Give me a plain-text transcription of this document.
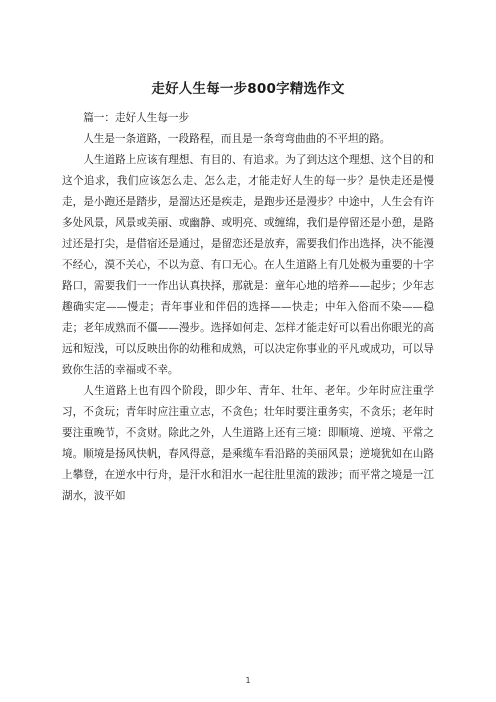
走好人生每一步800字精选作文

篇一：走好人生每一步

人生是一条道路，一段路程，而且是一条弯弯曲曲的不平坦的路。

人生道路上应该有理想、有目的、有追求。为了到达这个理想、这个目的和这个追求，我们应该怎么走、怎么走，才能走好人生的每一步？是快走还是慢走，是小跑还是踏步，是溜达还是疾走，是跑步还是漫步？中途中，人生会有许多处风景，风景或美丽、或幽静、或明亮、或缠绵，我们是停留还是小憩，是路过还是打尖，是借宿还是通过，是留恋还是放弃，需要我们作出选择，决不能漫不经心，漠不关心，不以为意、有口无心。在人生道路上有几处极为重要的十字路口，需要我们一一作出认真抉择，那就是：童年心地的培养——起步；少年志趣确实定——慢走；青年事业和伴侣的选择——快走；中年入俗而不染——稳走；老年成熟而不僵——漫步。选择如何走、怎样才能走好可以看出你眼光的高远和短浅，可以反映出你的幼稚和成熟，可以决定你事业的平凡或成功，可以导致你生活的幸福或不幸。

人生道路上也有四个阶段，即少年、青年、壮年、老年。少年时应注重学习，不贪玩；青年时应注重立志，不贪色；壮年时要注重务实，不贪乐；老年时要注重晚节，不贪财。除此之外，人生道路上还有三境：即顺境、逆境、平常之境。顺境是扬风快帆，春风得意，是乘缆车看沿路的美丽风景；逆境犹如在山路上攀登，在逆水中行舟，是汗水和泪水一起往肚里流的跋涉；而平常之境是一江湖水，波平如

1
